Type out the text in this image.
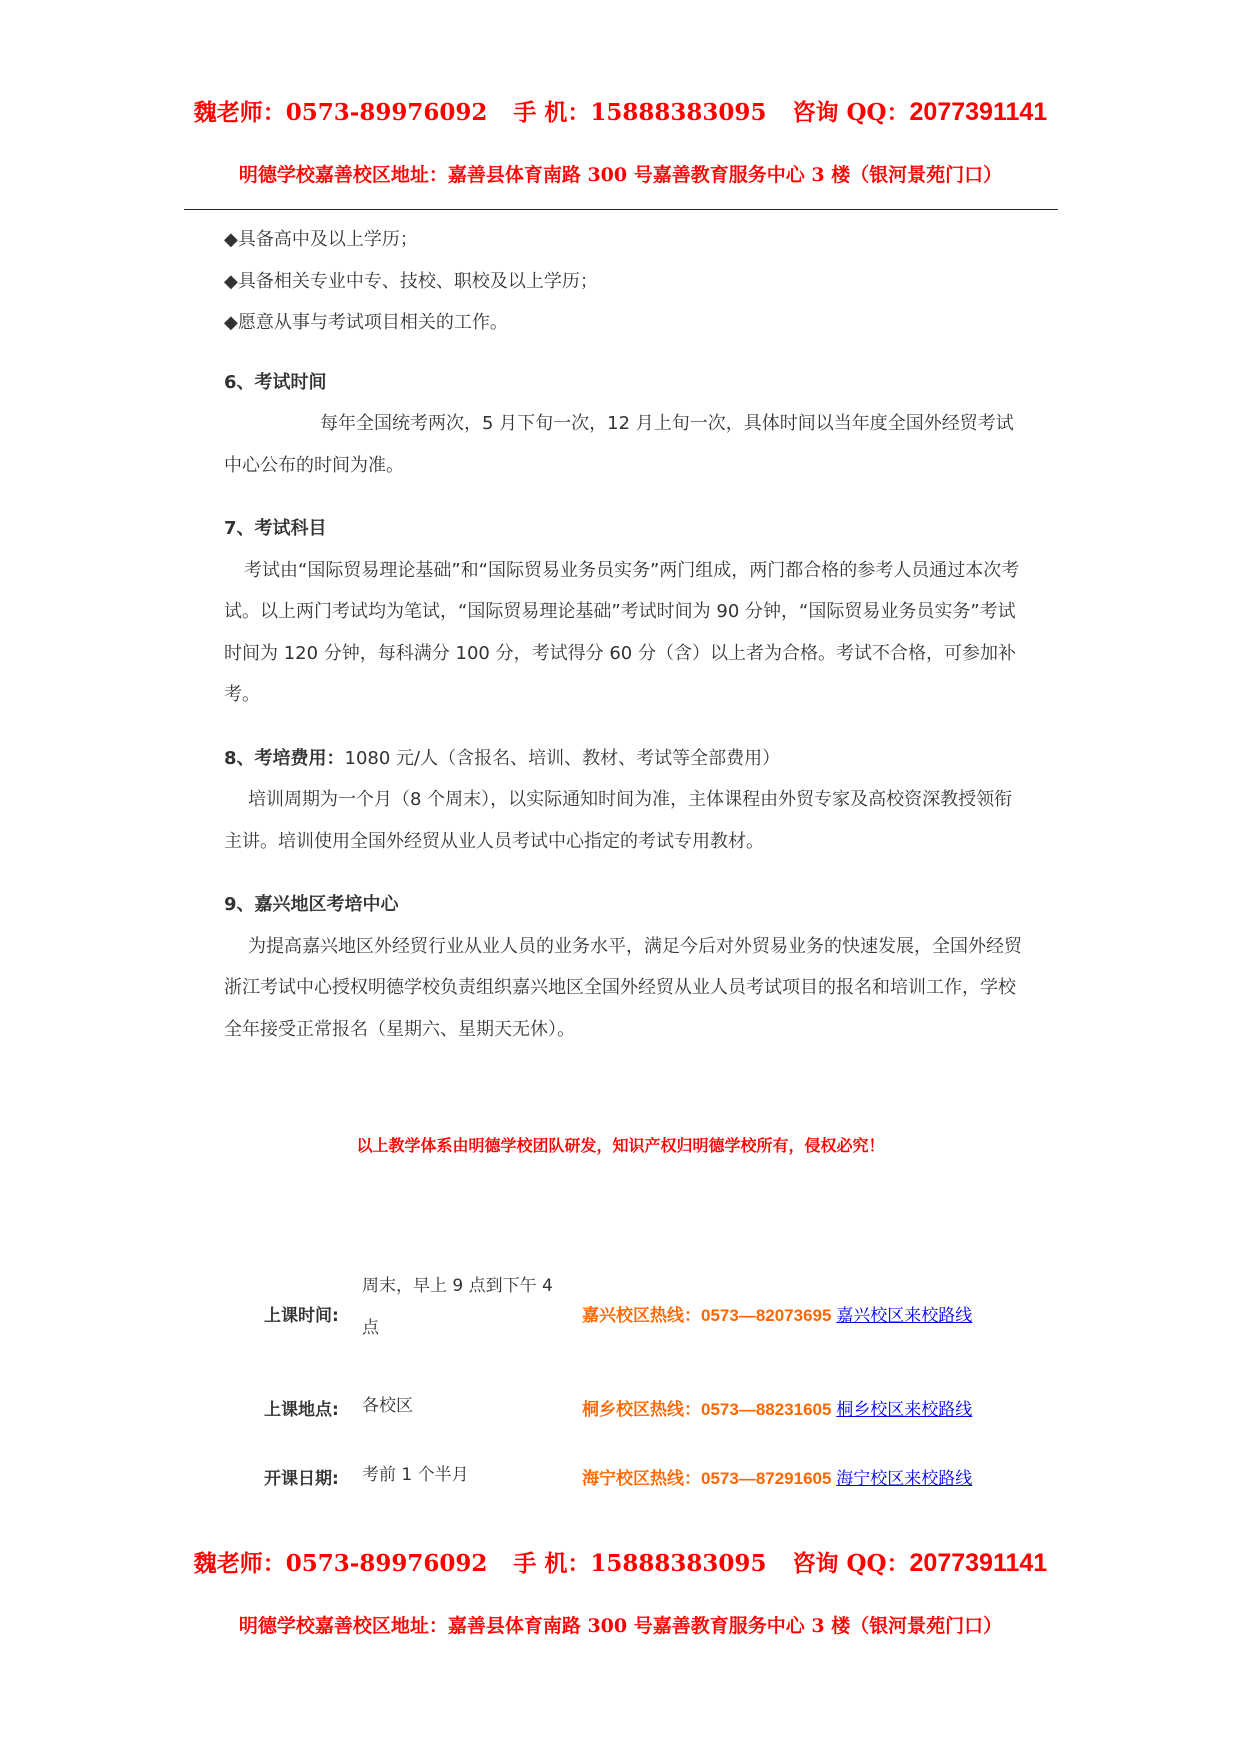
魏老师：0573-89976092 手 机：15888383095 咨询 QQ：2077391141
明德学校嘉善校区地址：嘉善县体育南路 300 号嘉善教育服务中心 3 楼（银河景苑门口）

◆具备高中及以上学历；

◆具备相关专业中专、技校、职校及以上学历；

◆愿意从事与考试项目相关的工作。

6、考试时间

每年全国统考两次，5 月下旬一次，12 月上旬一次，具体时间以当年度全国外经贸考试中心公布的时间为准。

7、考试科目

考试由“国际贸易理论基础”和“国际贸易业务员实务”两门组成，两门都合格的参考人员通过本次考试。以上两门考试均为笔试，“国际贸易理论基础”考试时间为 90 分钟，“国际贸易业务员实务”考试时间为 120 分钟，每科满分 100 分，考试得分 60 分（含）以上者为合格。考试不合格，可参加补考。

8、考培费用：1080 元/人（含报名、培训、教材、考试等全部费用）

培训周期为一个月（8 个周末），以实际通知时间为准，主体课程由外贸专家及高校资深教授领衔主讲。培训使用全国外经贸从业人员考试中心指定的考试专用教材。

9、嘉兴地区考培中心

为提高嘉兴地区外经贸行业从业人员的业务水平，满足今后对外贸易业务的快速发展，全国外经贸浙江考试中心授权明德学校负责组织嘉兴地区全国外经贸从业人员考试项目的报名和培训工作，学校全年接受正常报名（星期六、星期天无休）。

以上教学体系由明德学校团队研发，知识产权归明德学校所有，侵权必究！
上课时间:
周末，早上 9 点到下午 4 点
嘉兴校区热线：0573—82073695 嘉兴校区来校路线
上课地点: 各校区	桐乡校区热线：0573—88231605 桐乡校区来校路线
开课日期: 考前 1 个半月	海宁校区热线：0573—87291605 海宁校区来校路线
魏老师：0573-89976092 手 机：15888383095 咨询 QQ：2077391141
明德学校嘉善校区地址：嘉善县体育南路 300 号嘉善教育服务中心 3 楼（银河景苑门口）
